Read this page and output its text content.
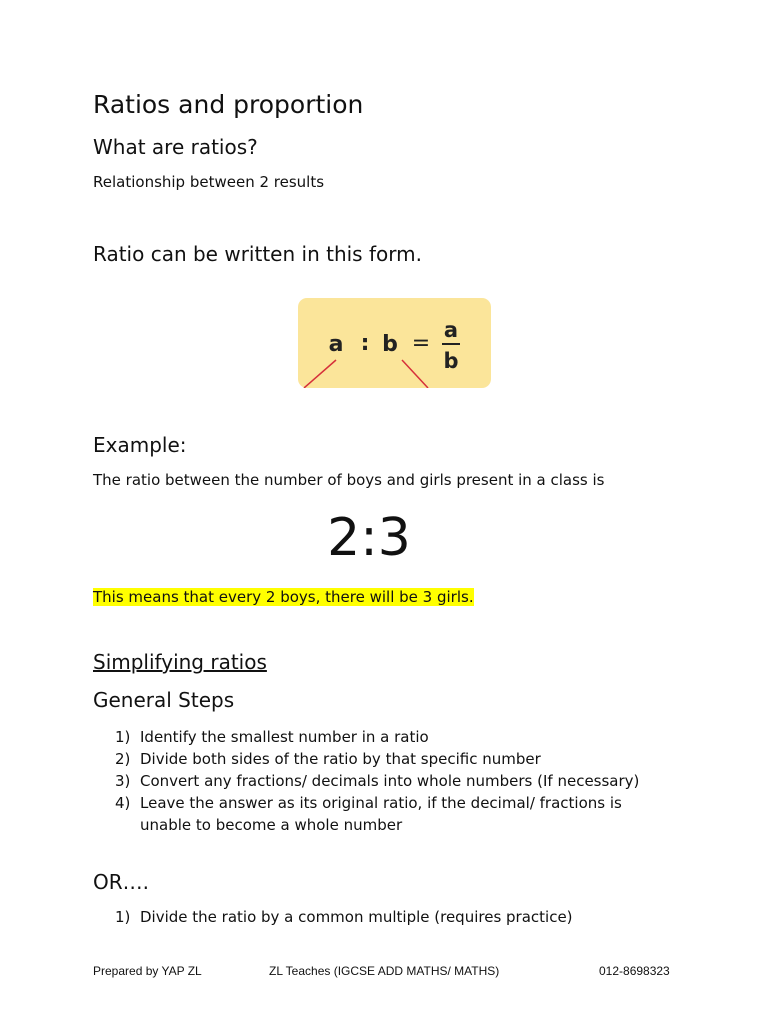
Ratios and proportion
What are ratios?
Relationship between 2 results
Ratio can be written in this form.
a : b =
a
b
Example:
The ratio between the number of boys and girls present in a class is
2:3
This means that every 2 boys, there will be 3 girls.
Simplifying ratios
General Steps
1) Identify the smallest number in a ratio
2) Divide both sides of the ratio by that specific number
3) Convert any fractions/ decimals into whole numbers (If necessary)
4) Leave the answer as its original ratio, if the decimal/ fractions is unable to become a whole number
OR….
1) Divide the ratio by a common multiple (requires practice)
Prepared by YAP ZL	ZL Teaches (IGCSE ADD MATHS/ MATHS)	012-8698323
